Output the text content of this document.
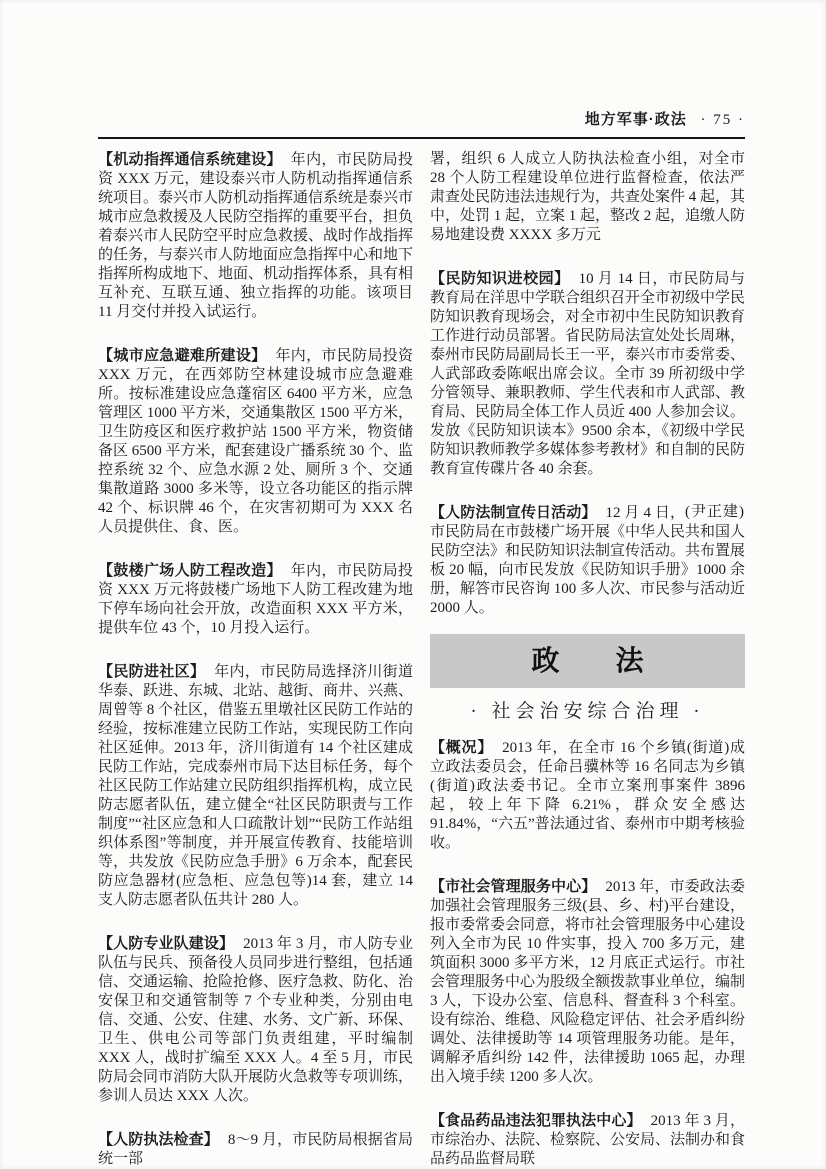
地方军事·政法 · 75 ·

【机动指挥通信系统建设】 年内，市民防局投资 XXX 万元，建设泰兴市人防机动指挥通信系统项目。泰兴市人防机动指挥通信系统是泰兴市城市应急救援及人民防空指挥的重要平台，担负着泰兴市人民防空平时应急救援、战时作战指挥的任务，与泰兴市人防地面应急指挥中心和地下指挥所构成地下、地面、机动指挥体系，具有相互补充、互联互通、独立指挥的功能。该项目 11 月交付并投入试运行。

【城市应急避难所建设】 年内，市民防局投资 XXX 万元，在西郊防空林建设城市应急避难所。按标准建设应急蓬宿区 6400 平方米，应急管理区 1000 平方米，交通集散区 1500 平方米，卫生防疫区和医疗救护站 1500 平方米，物资储备区 6500 平方米，配套建设广播系统 30 个、监控系统 32 个、应急水源 2 处、厕所 3 个、交通集散道路 3000 多米等，设立各功能区的指示牌 42 个、标识牌 46 个，在灾害初期可为 XXX 名人员提供住、食、医。

【鼓楼广场人防工程改造】 年内，市民防局投资 XXX 万元将鼓楼广场地下人防工程改建为地下停车场向社会开放，改造面积 XXX 平方米，提供车位 43 个，10 月投入运行。

【民防进社区】 年内，市民防局选择济川街道华泰、跃进、东城、北站、越街、商井、兴燕、周曾等 8 个社区，借鉴五里墩社区民防工作站的经验，按标准建立民防工作站，实现民防工作向社区延伸。2013 年，济川街道有 14 个社区建成民防工作站，完成泰州市局下达目标任务，每个社区民防工作站建立民防组织指挥机构，成立民防志愿者队伍，建立健全“社区民防职责与工作制度”“社区应急和人口疏散计划”“民防工作站组织体系图”等制度，并开展宣传教育、技能培训等，共发放《民防应急手册》6 万余本，配套民防应急器材(应急柜、应急包等)14 套，建立 14 支人防志愿者队伍共计 280 人。

【人防专业队建设】 2013 年 3 月，市人防专业队伍与民兵、预备役人员同步进行整组，包括通信、交通运输、抢险抢修、医疗急救、防化、治安保卫和交通管制等 7 个专业种类，分别由电信、交通、公安、住建、水务、文广新、环保、卫生、供电公司等部门负责组建，平时编制 XXX 人，战时扩编至 XXX 人。4 至 5 月，市民防局会同市消防大队开展防火急救等专项训练，参训人员达 XXX 人次。

【人防执法检查】 8～9 月，市民防局根据省局统一部

署，组织 6 人成立人防执法检查小组，对全市 28 个人防工程建设单位进行监督检查，依法严肃查处民防违法违规行为，共查处案件 4 起，其中，处罚 1 起，立案 1 起，整改 2 起，追缴人防易地建设费 XXXX 多万元

【民防知识进校园】 10 月 14 日，市民防局与教育局在洋思中学联合组织召开全市初级中学民防知识教育现场会，对全市初中生民防知识教育工作进行动员部署。省民防局法宣处处长周琳，泰州市民防局副局长王一平，泰兴市市委常委、人武部政委陈岷出席会议。全市 39 所初级中学分管领导、兼职教师、学生代表和市人武部、教育局、民防局全体工作人员近 400 人参加会议。发放《民防知识读本》9500 余本，《初级中学民防知识教师教学多媒体参考教材》和自制的民防教育宣传碟片各 40 余套。

(尹正建)
【人防法制宣传日活动】 12 月 4 日，市民防局在市鼓楼广场开展《中华人民共和国人民防空法》和民防知识法制宣传活动。共布置展板 20 幅，向市民发放《民防知识手册》1000 余册，解答市民咨询 100 多人次、市民参与活动近 2000 人。

政　　法
· 社会治安综合治理 ·

【概况】 2013 年，在全市 16 个乡镇(街道)成立政法委员会，任命吕骥林等 16 名同志为乡镇(街道)政法委书记。全市立案刑事案件 3896 起，较上年下降 6.21%，群众安全感达 91.84%，“六五”普法通过省、泰州市中期考核验收。

【市社会管理服务中心】 2013 年，市委政法委加强社会管理服务三级(县、乡、村)平台建设，报市委常委会同意，将市社会管理服务中心建设列入全市为民 10 件实事，投入 700 多万元，建筑面积 3000 多平方米，12 月底正式运行。市社会管理服务中心为股级全额拨款事业单位，编制 3 人，下设办公室、信息科、督查科 3 个科室。设有综治、维稳、风险稳定评估、社会矛盾纠纷调处、法律援助等 14 项管理服务功能。是年，调解矛盾纠纷 142 件，法律援助 1065 起，办理出入境手续 1200 多人次。

【食品药品违法犯罪执法中心】 2013 年 3 月，市综治办、法院、检察院、公安局、法制办和食品药品监督局联
